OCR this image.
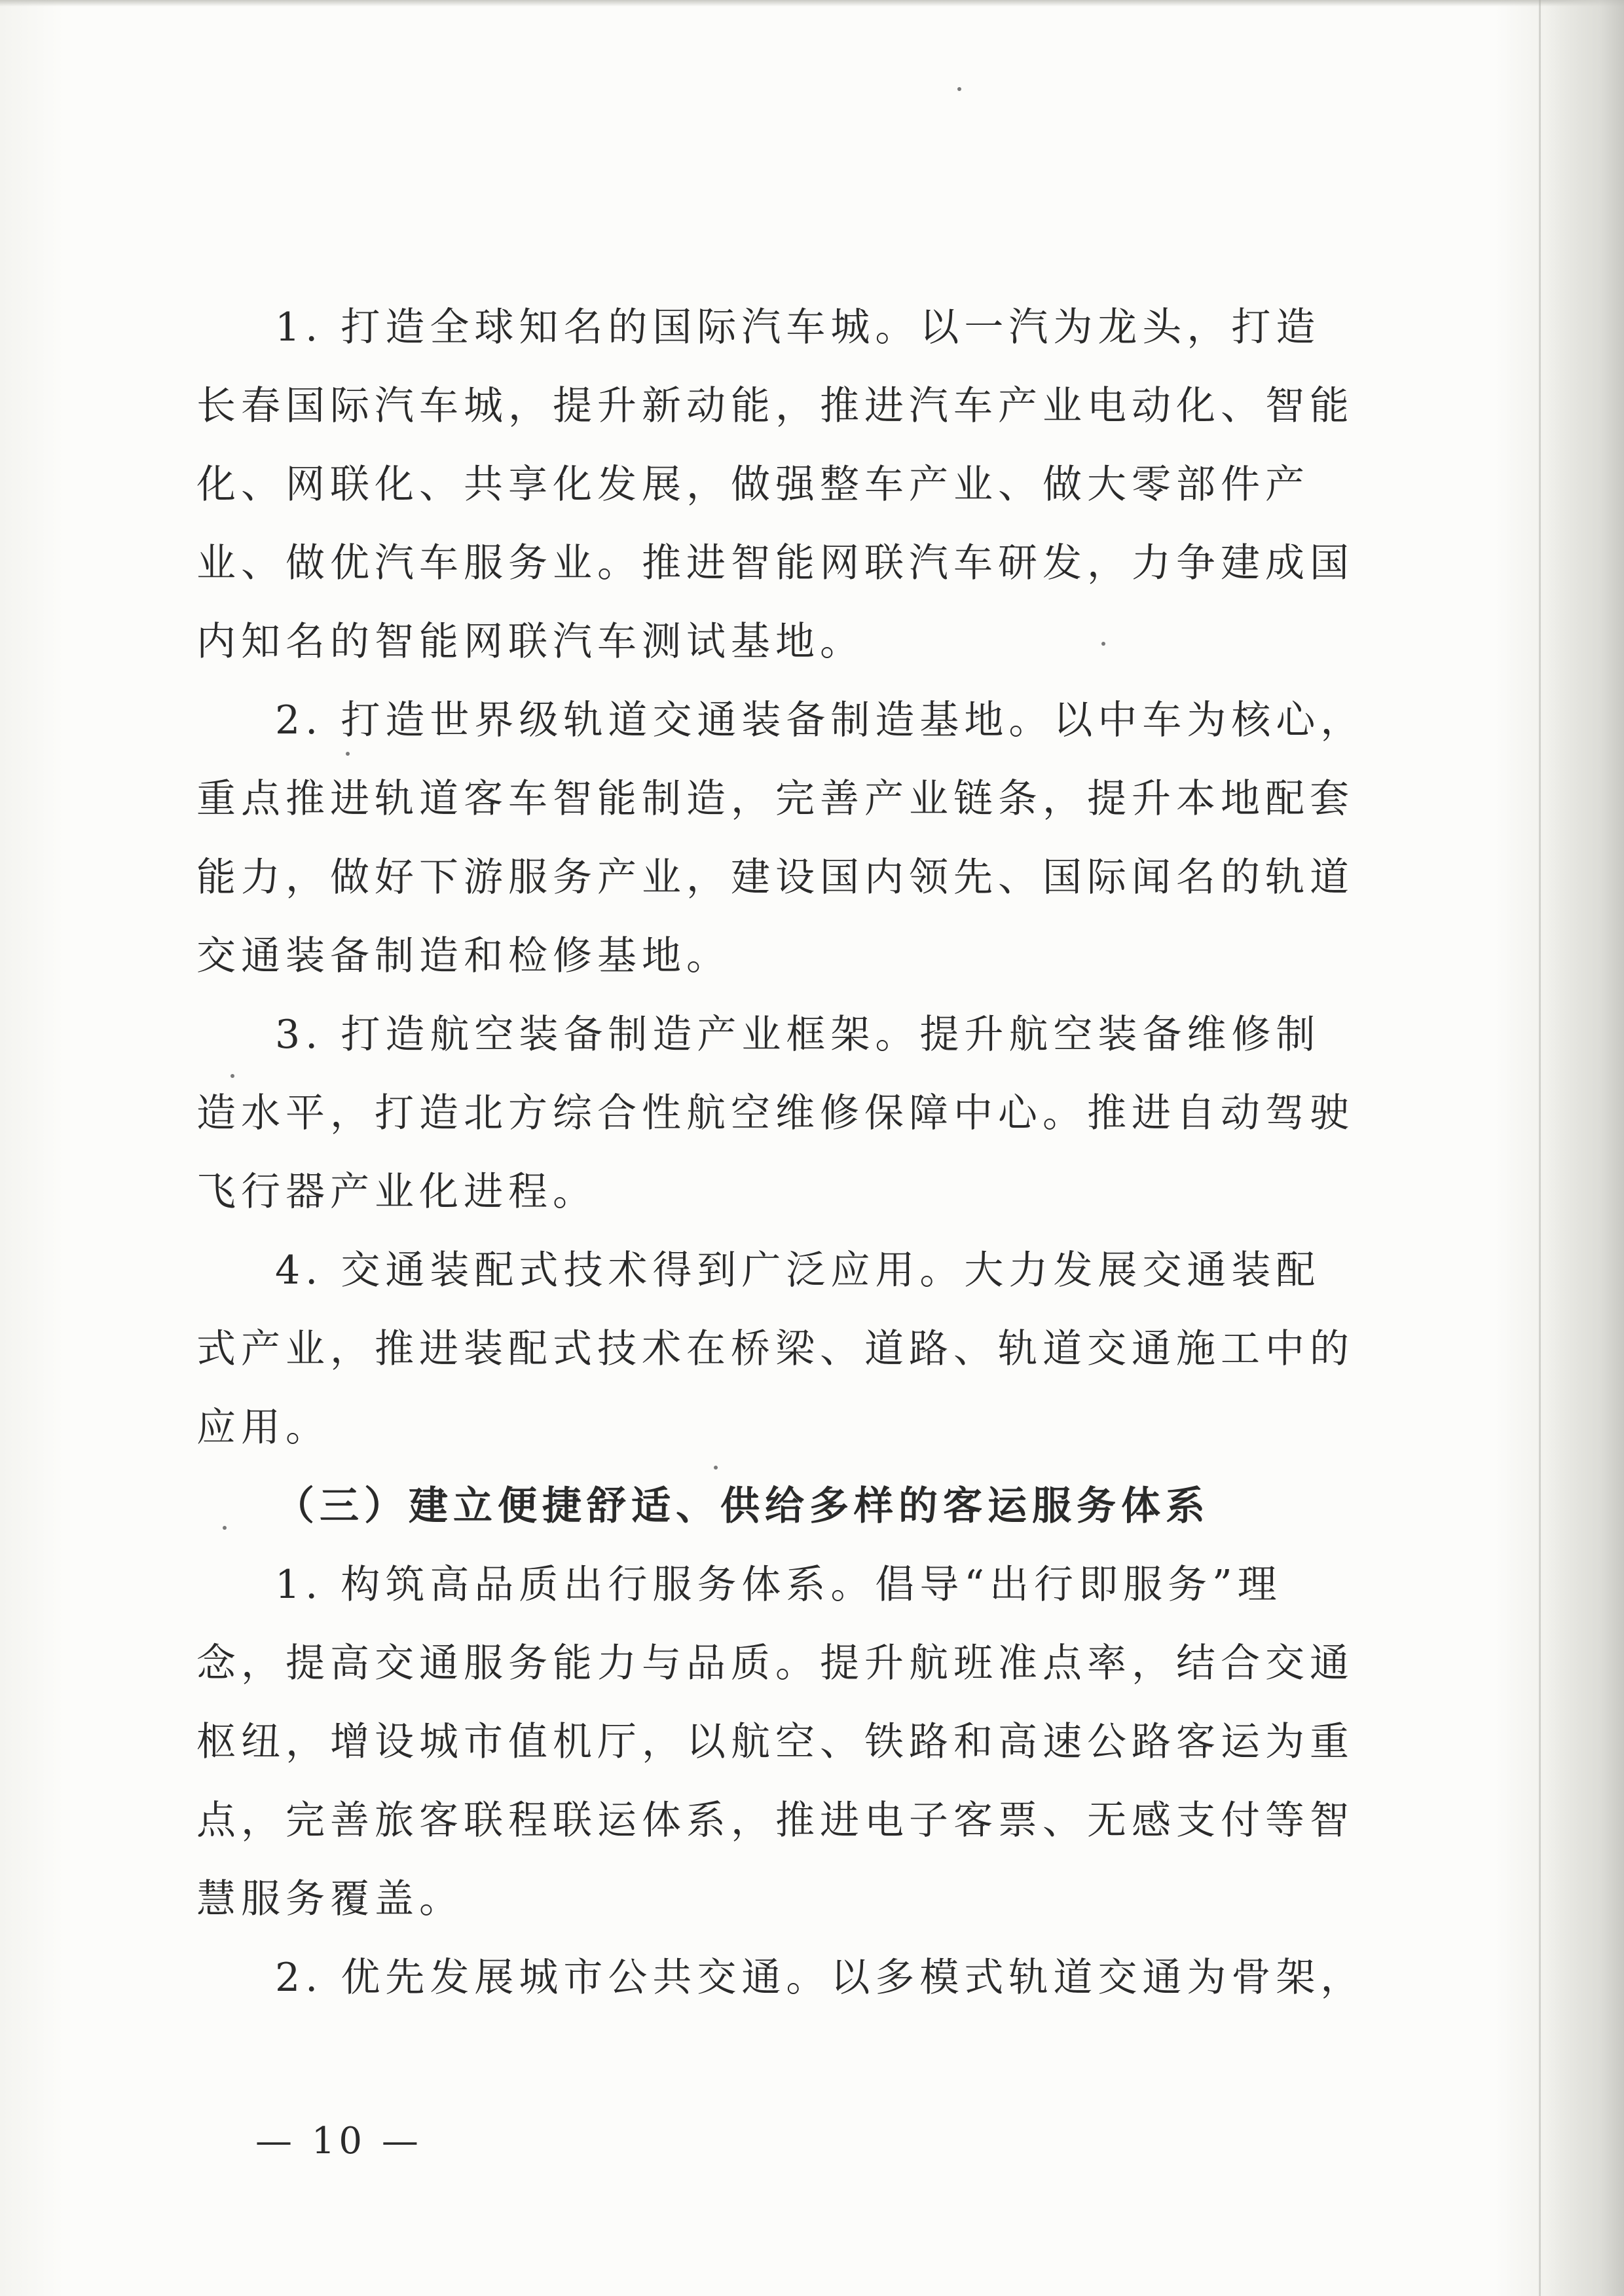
1. 打造全球知名的国际汽车城。以一汽为龙头，打造
长春国际汽车城，提升新动能，推进汽车产业电动化、智能
化、网联化、共享化发展，做强整车产业、做大零部件产
业、做优汽车服务业。推进智能网联汽车研发，力争建成国
内知名的智能网联汽车测试基地。
2. 打造世界级轨道交通装备制造基地。以中车为核心，
重点推进轨道客车智能制造，完善产业链条，提升本地配套
能力，做好下游服务产业，建设国内领先、国际闻名的轨道
交通装备制造和检修基地。
3. 打造航空装备制造产业框架。提升航空装备维修制
造水平，打造北方综合性航空维修保障中心。推进自动驾驶
飞行器产业化进程。
4. 交通装配式技术得到广泛应用。大力发展交通装配
式产业，推进装配式技术在桥梁、道路、轨道交通施工中的
应用。
（三）建立便捷舒适、供给多样的客运服务体系
1. 构筑高品质出行服务体系。倡导“出行即服务”理
念，提高交通服务能力与品质。提升航班准点率，结合交通
枢纽，增设城市值机厅，以航空、铁路和高速公路客运为重
点，完善旅客联程联运体系，推进电子客票、无感支付等智
慧服务覆盖。
2. 优先发展城市公共交通。以多模式轨道交通为骨架，
— 10 —
